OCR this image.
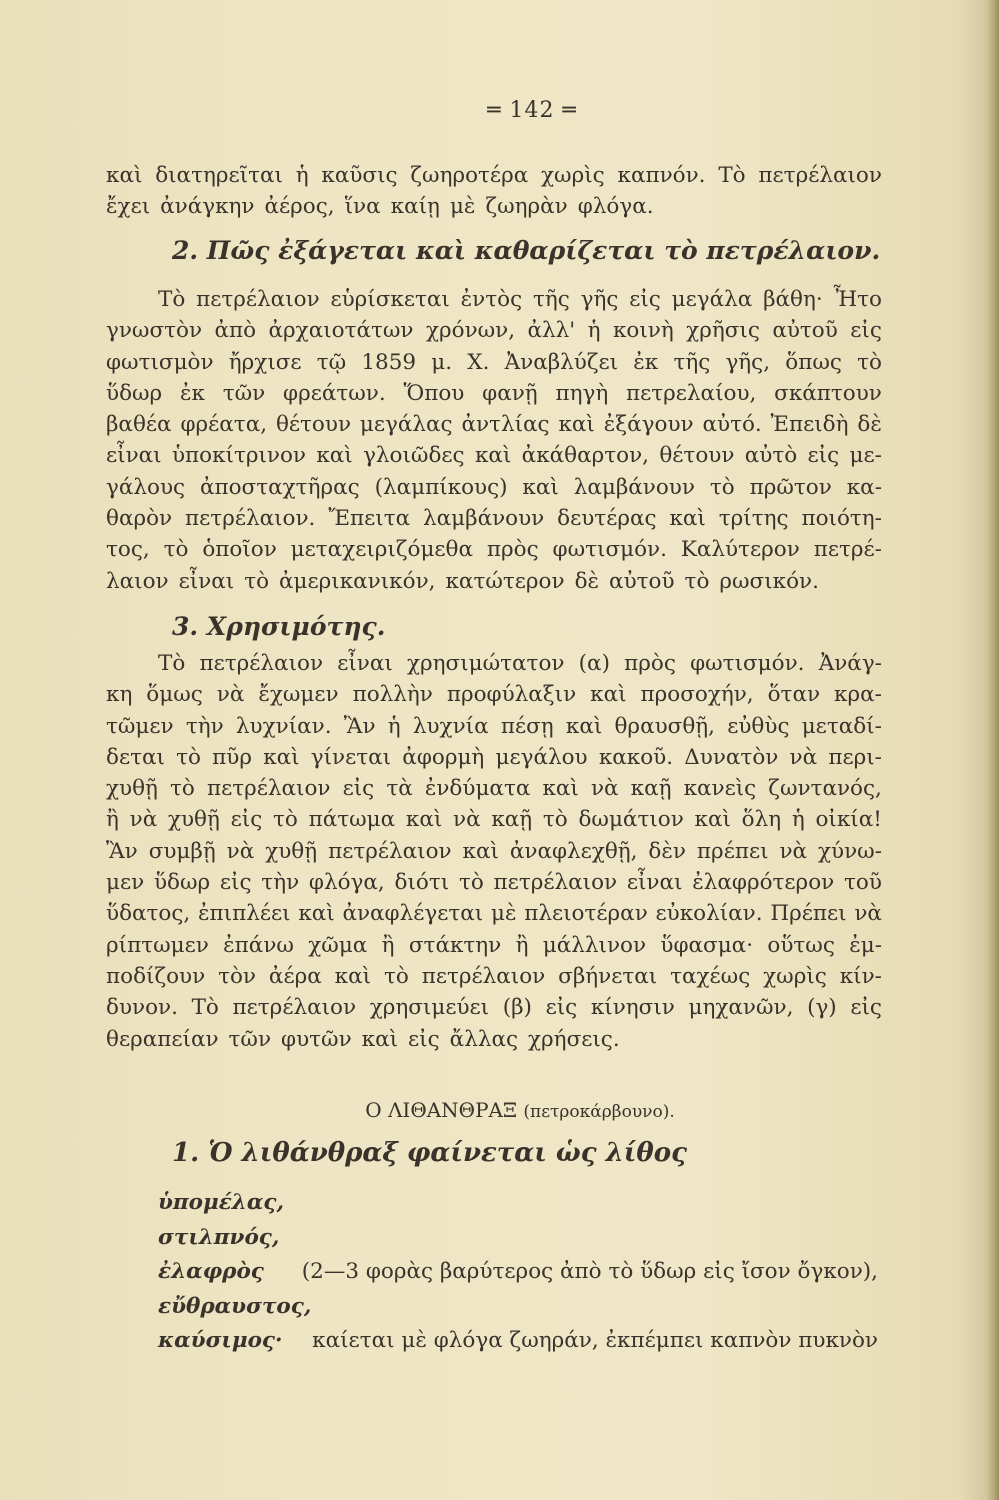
═ 142 ═
καὶ διατηρεῖται ἡ καῦσις ζωηροτέρα χωρὶς καπνόν. Τὸ πετρέλαιον
ἔχει ἀνάγκην ἀέρος, ἵνα καίῃ μὲ ζωηρὰν φλόγα.
2. Πῶς ἐξάγεται καὶ καθαρίζεται τὸ πετρέλαιον.
Τὸ πετρέλαιον εὑρίσκεται ἐντὸς τῆς γῆς εἰς μεγάλα βάθη· Ἦτο
γνωστὸν ἀπὸ ἀρχαιοτάτων χρόνων, ἀλλ' ἡ κοινὴ χρῆσις αὐτοῦ εἰς
φωτισμὸν ἤρχισε τῷ 1859 μ. Χ. Ἀναβλύζει ἐκ τῆς γῆς, ὅπως τὸ
ὕδωρ ἐκ τῶν φρεάτων. Ὅπου φανῇ πηγὴ πετρελαίου, σκάπτουν
βαθέα φρέατα, θέτουν μεγάλας ἀντλίας καὶ ἐξάγουν αὐτό. Ἐπειδὴ δὲ
εἶναι ὑποκίτρινον καὶ γλοιῶδες καὶ ἀκάθαρτον, θέτουν αὐτὸ εἰς με-
γάλους ἀποσταχτῆρας (λαμπίκους) καὶ λαμβάνουν τὸ πρῶτον κα-
θαρὸν πετρέλαιον. Ἔπειτα λαμβάνουν δευτέρας καὶ τρίτης ποιότη-
τος, τὸ ὁποῖον μεταχειριζόμεθα πρὸς φωτισμόν. Καλύτερον πετρέ-
λαιον εἶναι τὸ ἀμερικανικόν, κατώτερον δὲ αὐτοῦ τὸ ρωσικόν.
3. Χρησιμότης.
Τὸ πετρέλαιον εἶναι χρησιμώτατον (α) πρὸς φωτισμόν. Ἀνάγ-
κη ὅμως νὰ ἔχωμεν πολλὴν προφύλαξιν καὶ προσοχήν, ὅταν κρα-
τῶμεν τὴν λυχνίαν. Ἂν ἡ λυχνία πέσῃ καὶ θραυσθῇ, εὐθὺς μεταδί-
δεται τὸ πῦρ καὶ γίνεται ἀφορμὴ μεγάλου κακοῦ. Δυνατὸν νὰ περι-
χυθῇ τὸ πετρέλαιον εἰς τὰ ἐνδύματα καὶ νὰ καῇ κανεὶς ζωντανός,
ἢ νὰ χυθῇ εἰς τὸ πάτωμα καὶ νὰ καῇ τὸ δωμάτιον καὶ ὅλη ἡ οἰκία!
Ἂν συμβῇ νὰ χυθῇ πετρέλαιον καὶ ἀναφλεχθῇ, δὲν πρέπει νὰ χύνω-
μεν ὕδωρ εἰς τὴν φλόγα, διότι τὸ πετρέλαιον εἶναι ἐλαφρότερον τοῦ
ὕδατος, ἐπιπλέει καὶ ἀναφλέγεται μὲ πλειοτέραν εὐκολίαν. Πρέπει νὰ
ρίπτωμεν ἐπάνω χῶμα ἢ στάκτην ἢ μάλλινον ὕφασμα· οὕτως ἐμ-
ποδίζουν τὸν ἀέρα καὶ τὸ πετρέλαιον σβήνεται ταχέως χωρὶς κίν-
δυνον. Τὸ πετρέλαιον χρησιμεύει (β) εἰς κίνησιν μηχανῶν, (γ) εἰς
θεραπείαν τῶν φυτῶν καὶ εἰς ἄλλας χρήσεις.
Ο ΛΙΘΑΝΘΡΑΞ (πετροκάρβουνο).
1. Ὁ λιθάνθραξ φαίνεται ὡς λίθος
ὑπομέλας,
στιλπνός,
ἐλαφρὸς (2—3 φορὰς βαρύτερος ἀπὸ τὸ ὕδωρ εἰς ἴσον ὄγκον),
εὔθραυστος,
καύσιμος· καίεται μὲ φλόγα ζωηράν, ἐκπέμπει καπνὸν πυκνὸν
